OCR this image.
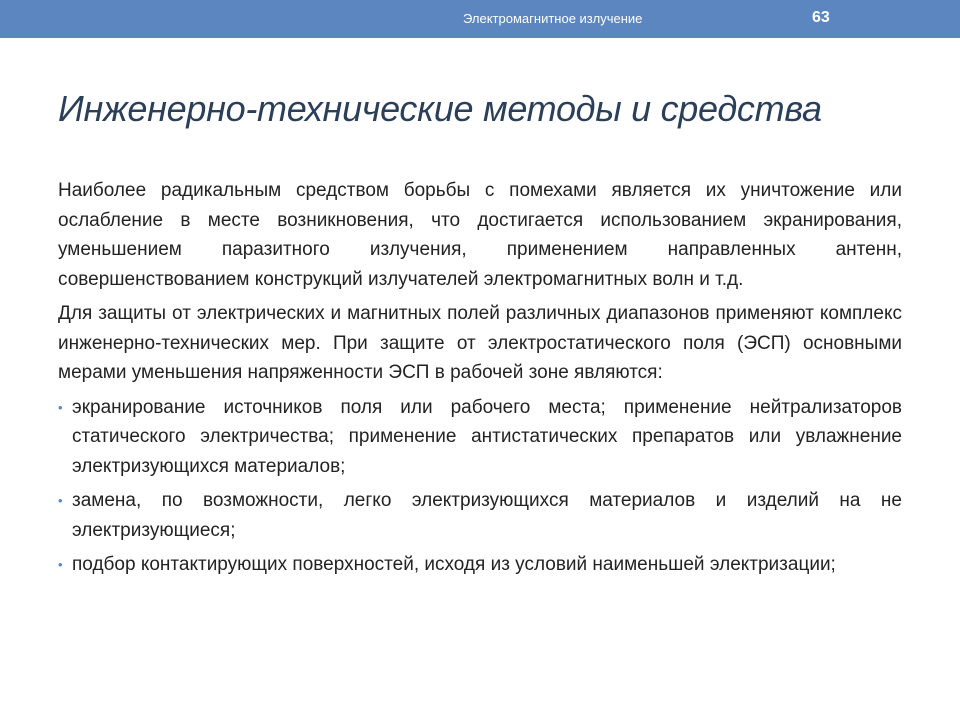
Электромагнитное излучение	63
Инженерно-технические методы и средства

Наиболее радикальным средством борьбы с помехами является их уничтожение или ослабление в месте возникновения, что достигается использованием экранирования, уменьшением паразитного излучения, применением направленных антенн, совершенствованием конструкций излучателей электромагнитных волн и т.д.

Для защиты от электрических и магнитных полей различных диапазонов применяют комплекс инженерно-технических мер. При защите от электростатического поля (ЭСП) основными мерами уменьшения напряженности ЭСП в рабочей зоне являются:

• экранирование источников поля или рабочего места; применение нейтрализаторов статического электричества; применение антистатических препаратов или увлажнение электризующихся материалов;
• замена, по возможности, легко электризующихся материалов и изделий на не электризующиеся;
• подбор контактирующих поверхностей, исходя из условий наименьшей электризации;
